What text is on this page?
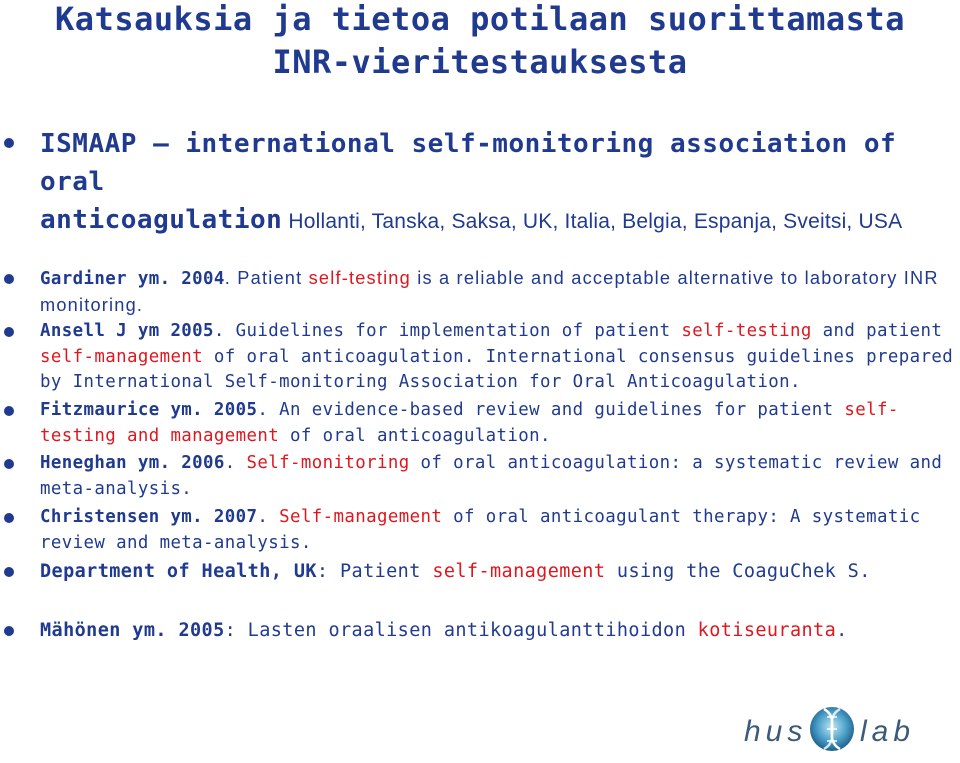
Katsauksia ja tietoa potilaan suorittamasta
INR-vieritestauksesta
ISMAAP – international self-monitoring association of oral
anticoagulation Hollanti, Tanska, Saksa, UK, Italia, Belgia, Espanja, Sveitsi, USA
Gardiner ym. 2004. Patient self-testing is a reliable and acceptable alternative to laboratory INR monitoring.
Ansell J ym 2005. Guidelines for implementation of patient self-testing and patient self-management of oral anticoagulation. International consensus guidelines prepared by International Self-monitoring Association for Oral Anticoagulation.
Fitzmaurice ym. 2005. An evidence-based review and guidelines for patient self-testing and management of oral anticoagulation.
Heneghan ym. 2006. Self-monitoring of oral anticoagulation: a systematic review and meta-analysis.
Christensen ym. 2007. Self-management of oral anticoagulant therapy: A systematic review and meta-analysis.
Department of Health, UK: Patient self-management using the CoaguChek S.
Mähönen ym. 2005: Lasten oraalisen antikoagulanttihoidon kotiseuranta.
hus lab
